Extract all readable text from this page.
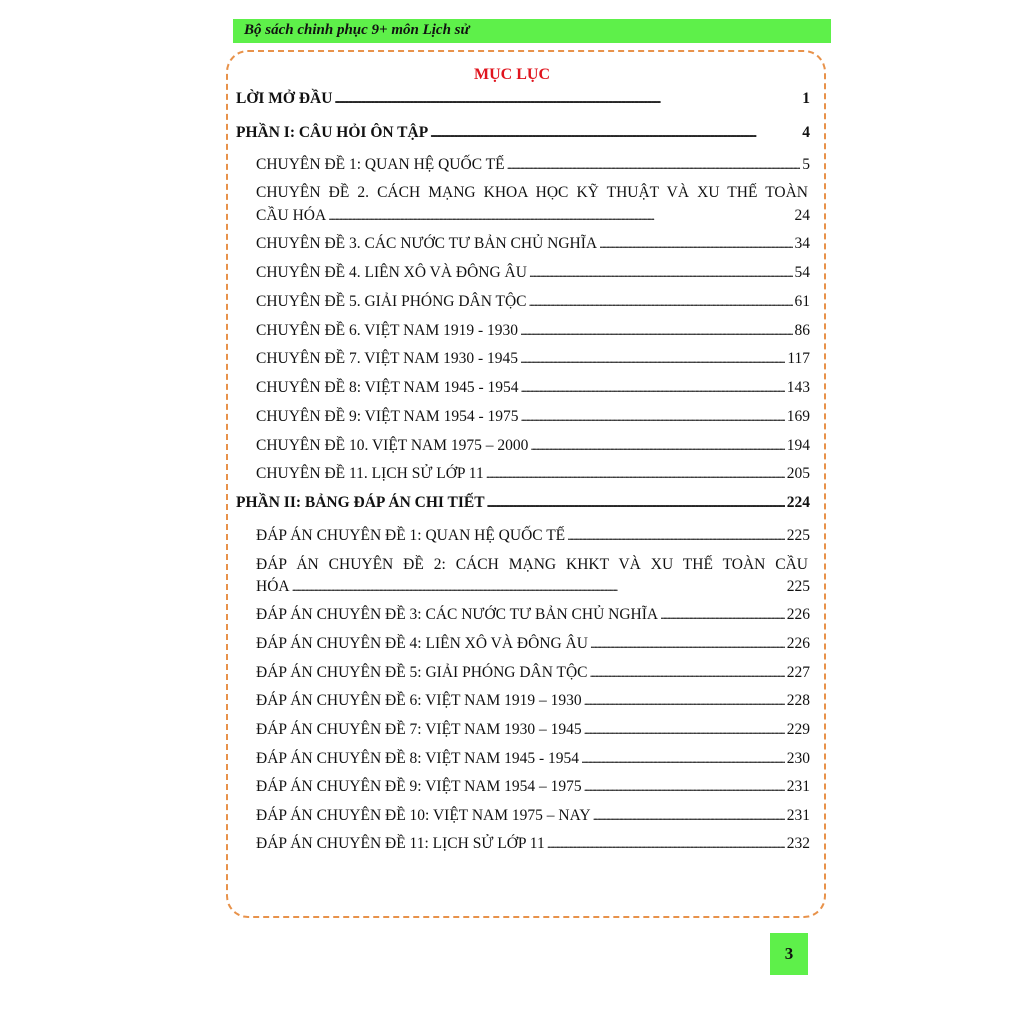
Bộ sách chinh phục 9+ môn Lịch sử
MỤC LỤC
LỜI MỞ ĐẦU . . .	1
PHẦN I: CÂU HỎI ÔN TẬP . . .	4
CHUYÊN ĐỀ 1: QUAN HỆ QUỐC TẾ . . .	5
CHUYÊN ĐỀ 2. CÁCH MẠNG KHOA HỌC KỸ THUẬT VÀ XU THẾ TOÀN
CẦU HÓA . . .	24
CHUYÊN ĐỀ 3. CÁC NƯỚC TƯ BẢN CHỦ NGHĨA . . .	34
CHUYÊN ĐỀ 4. LIÊN XÔ VÀ ĐÔNG ÂU . . .	54
CHUYÊN ĐỀ 5. GIẢI PHÓNG DÂN TỘC . . .	61
CHUYÊN ĐỀ 6. VIỆT NAM 1919 - 1930 . . .	86
CHUYÊN ĐỀ 7. VIỆT NAM 1930 - 1945 . . .	117
CHUYÊN ĐỀ 8: VIỆT NAM 1945 - 1954 . . .	143
CHUYÊN ĐỀ 9: VIỆT NAM 1954 - 1975 . . .	169
CHUYÊN ĐỀ 10. VIỆT NAM 1975 – 2000 . . .	194
CHUYÊN ĐỀ 11. LỊCH SỬ LỚP 11 . . .	205
PHẦN II: BẢNG ĐÁP ÁN CHI TIẾT . . .	224
ĐÁP ÁN CHUYÊN ĐỀ 1: QUAN HỆ QUỐC TẾ . . .	225
ĐÁP ÁN CHUYÊN ĐỀ 2: CÁCH MẠNG KHKT VÀ XU THẾ TOÀN CẦU
HÓA . . .	225
ĐÁP ÁN CHUYÊN ĐỀ 3: CÁC NƯỚC TƯ BẢN CHỦ NGHĨA . . .	226
ĐÁP ÁN CHUYÊN ĐỀ 4: LIÊN XÔ VÀ ĐÔNG ÂU . . .	226
ĐÁP ÁN CHUYÊN ĐỀ 5: GIẢI PHÓNG DÂN TỘC . . .	227
ĐÁP ÁN CHUYÊN ĐỀ 6: VIỆT NAM 1919 – 1930 . . .	228
ĐÁP ÁN CHUYÊN ĐỀ 7: VIỆT NAM 1930 – 1945 . . .	229
ĐÁP ÁN CHUYÊN ĐỀ 8: VIỆT NAM 1945 - 1954 . . .	230
ĐÁP ÁN CHUYÊN ĐỀ 9: VIỆT NAM 1954 – 1975 . . .	231
ĐÁP ÁN CHUYÊN ĐỀ 10: VIỆT NAM 1975 – NAY . . .	231
ĐÁP ÁN CHUYÊN ĐỀ 11: LỊCH SỬ LỚP 11 . . .	232
3
